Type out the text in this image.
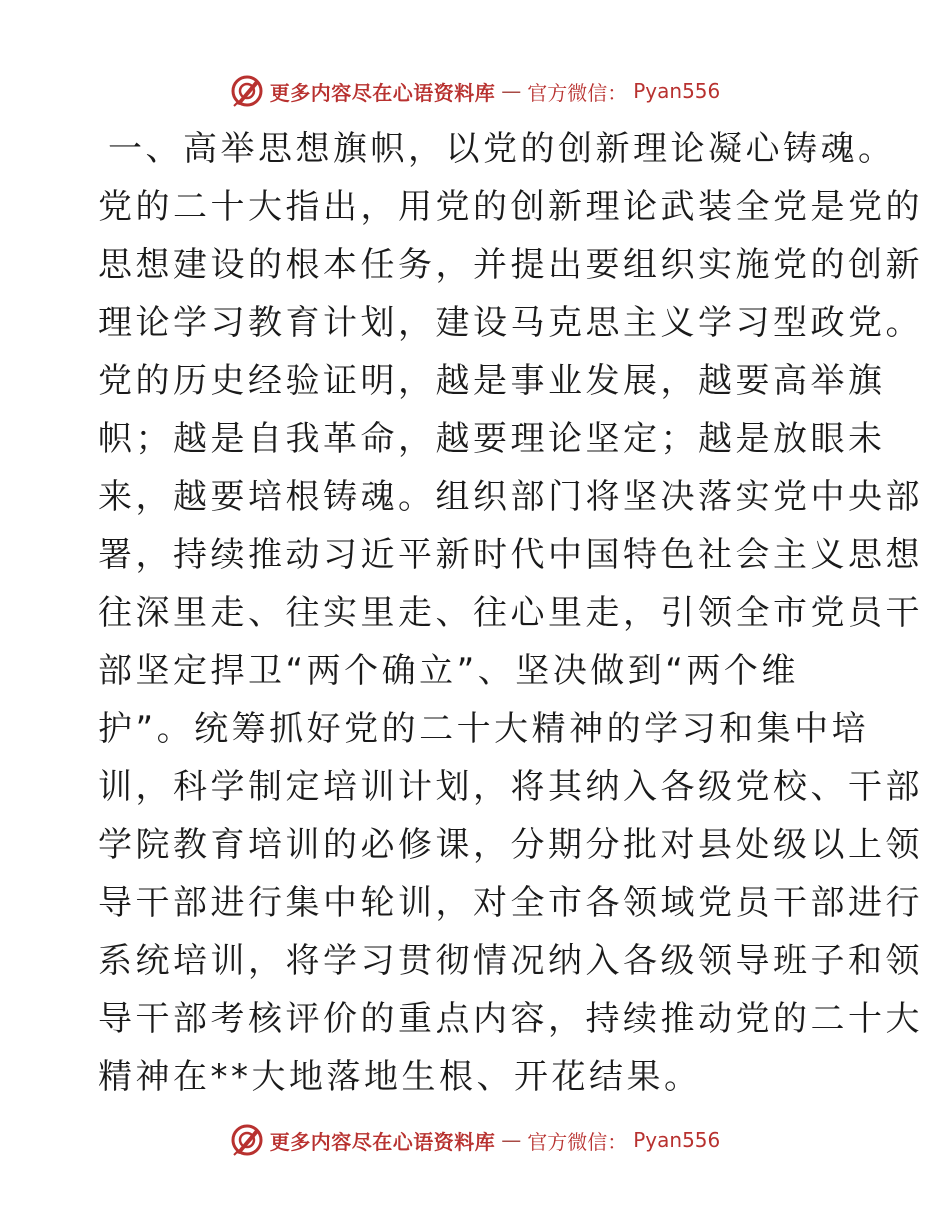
更多内容尽在心语资料库 — 官方微信： Pyan556
一、高举思想旗帜，以党的创新理论凝心铸魂。
党的二十大指出，用党的创新理论武装全党是党的
思想建设的根本任务，并提出要组织实施党的创新
理论学习教育计划，建设马克思主义学习型政党。
党的历史经验证明，越是事业发展，越要高举旗
帜；越是自我革命，越要理论坚定；越是放眼未
来，越要培根铸魂。组织部门将坚决落实党中央部
署，持续推动习近平新时代中国特色社会主义思想
往深里走、往实里走、往心里走，引领全市党员干
部坚定捍卫“两个确立”、坚决做到“两个维
护”。统筹抓好党的二十大精神的学习和集中培
训，科学制定培训计划，将其纳入各级党校、干部
学院教育培训的必修课，分期分批对县处级以上领
导干部进行集中轮训，对全市各领域党员干部进行
系统培训，将学习贯彻情况纳入各级领导班子和领
导干部考核评价的重点内容，持续推动党的二十大
精神在**大地落地生根、开花结果。
更多内容尽在心语资料库 — 官方微信： Pyan556
